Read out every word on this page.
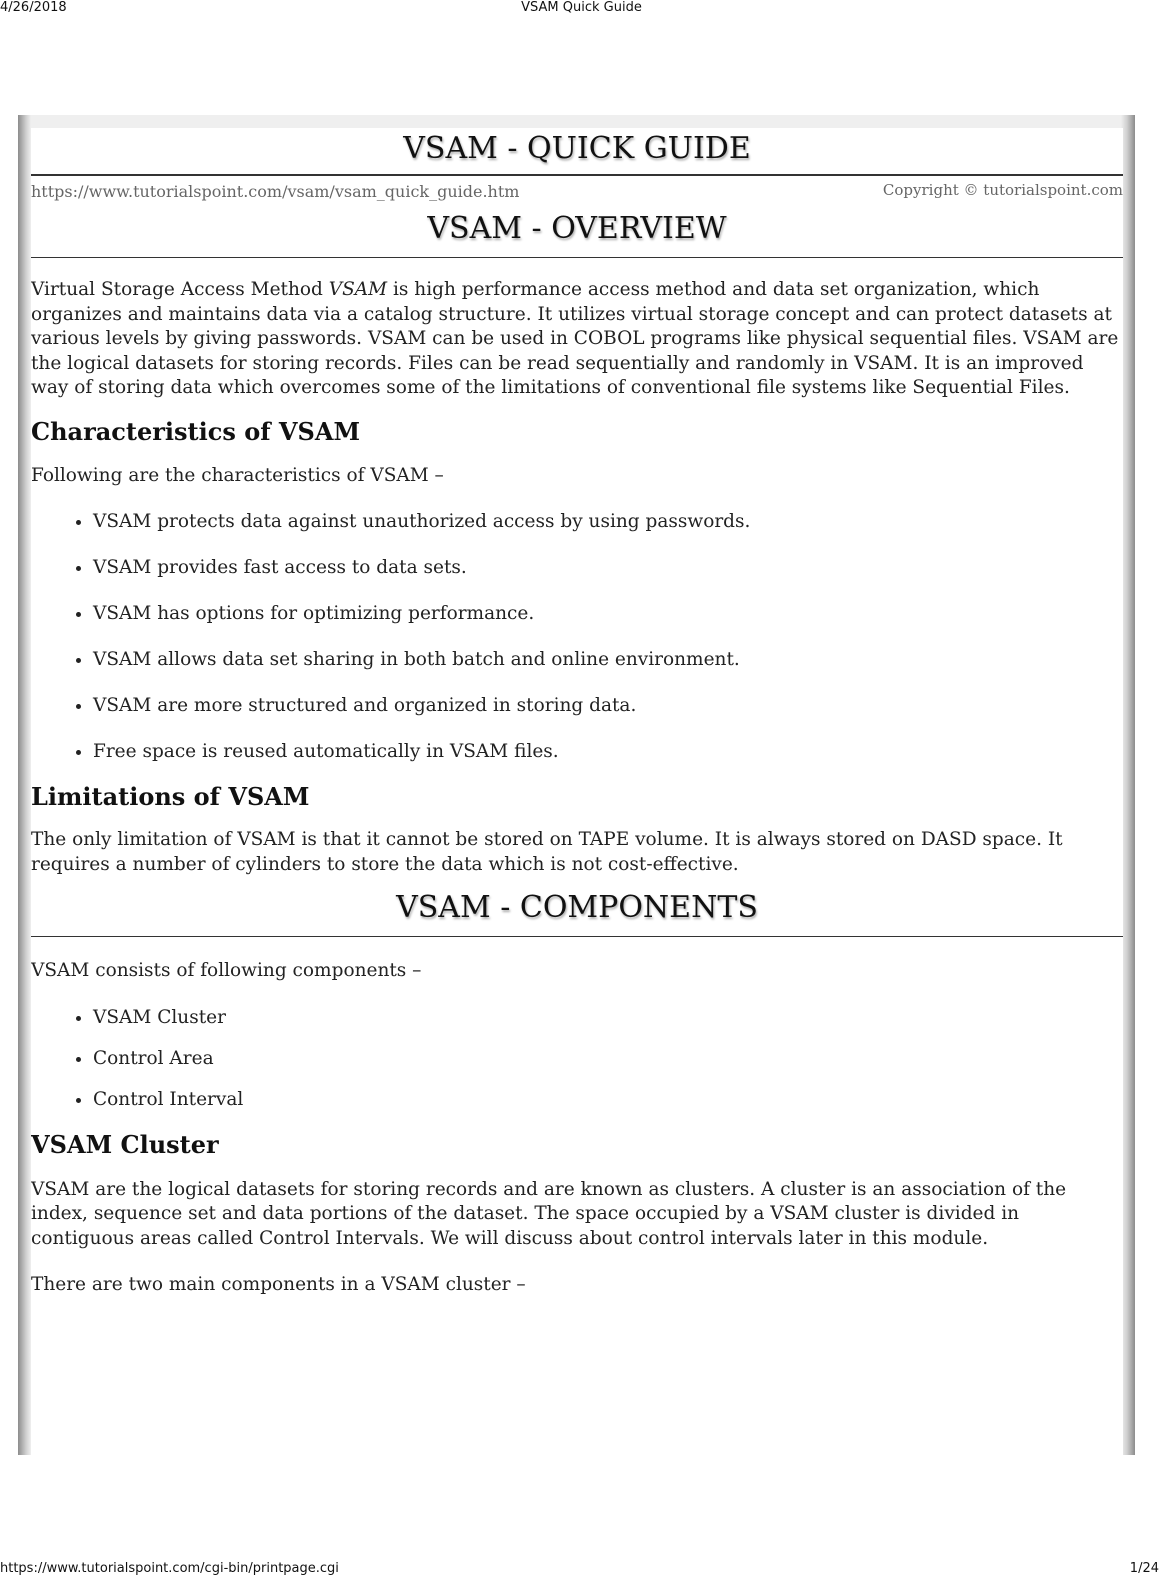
4/26/2018	VSAM Quick Guide
VSAM - QUICK GUIDE
https://www.tutorialspoint.com/vsam/vsam_quick_guide.htm	Copyright © tutorialspoint.com
VSAM - OVERVIEW

Virtual Storage Access Method VSAM is high performance access method and data set organization, which organizes and maintains data via a catalog structure. It utilizes virtual storage concept and can protect datasets at various levels by giving passwords. VSAM can be used in COBOL programs like physical sequential files. VSAM are the logical datasets for storing records. Files can be read sequentially and randomly in VSAM. It is an improved way of storing data which overcomes some of the limitations of conventional file systems like Sequential Files.

Characteristics of VSAM

Following are the characteristics of VSAM –

• VSAM protects data against unauthorized access by using passwords.
• VSAM provides fast access to data sets.
• VSAM has options for optimizing performance.
• VSAM allows data set sharing in both batch and online environment.
• VSAM are more structured and organized in storing data.
• Free space is reused automatically in VSAM files.
Limitations of VSAM

The only limitation of VSAM is that it cannot be stored on TAPE volume. It is always stored on DASD space. It requires a number of cylinders to store the data which is not cost-effective.

VSAM - COMPONENTS

VSAM consists of following components –

• VSAM Cluster
• Control Area
• Control Interval
VSAM Cluster

VSAM are the logical datasets for storing records and are known as clusters. A cluster is an association of the index, sequence set and data portions of the dataset. The space occupied by a VSAM cluster is divided in contiguous areas called Control Intervals. We will discuss about control intervals later in this module.

There are two main components in a VSAM cluster –

https://www.tutorialspoint.com/cgi-bin/printpage.cgi	1/24
